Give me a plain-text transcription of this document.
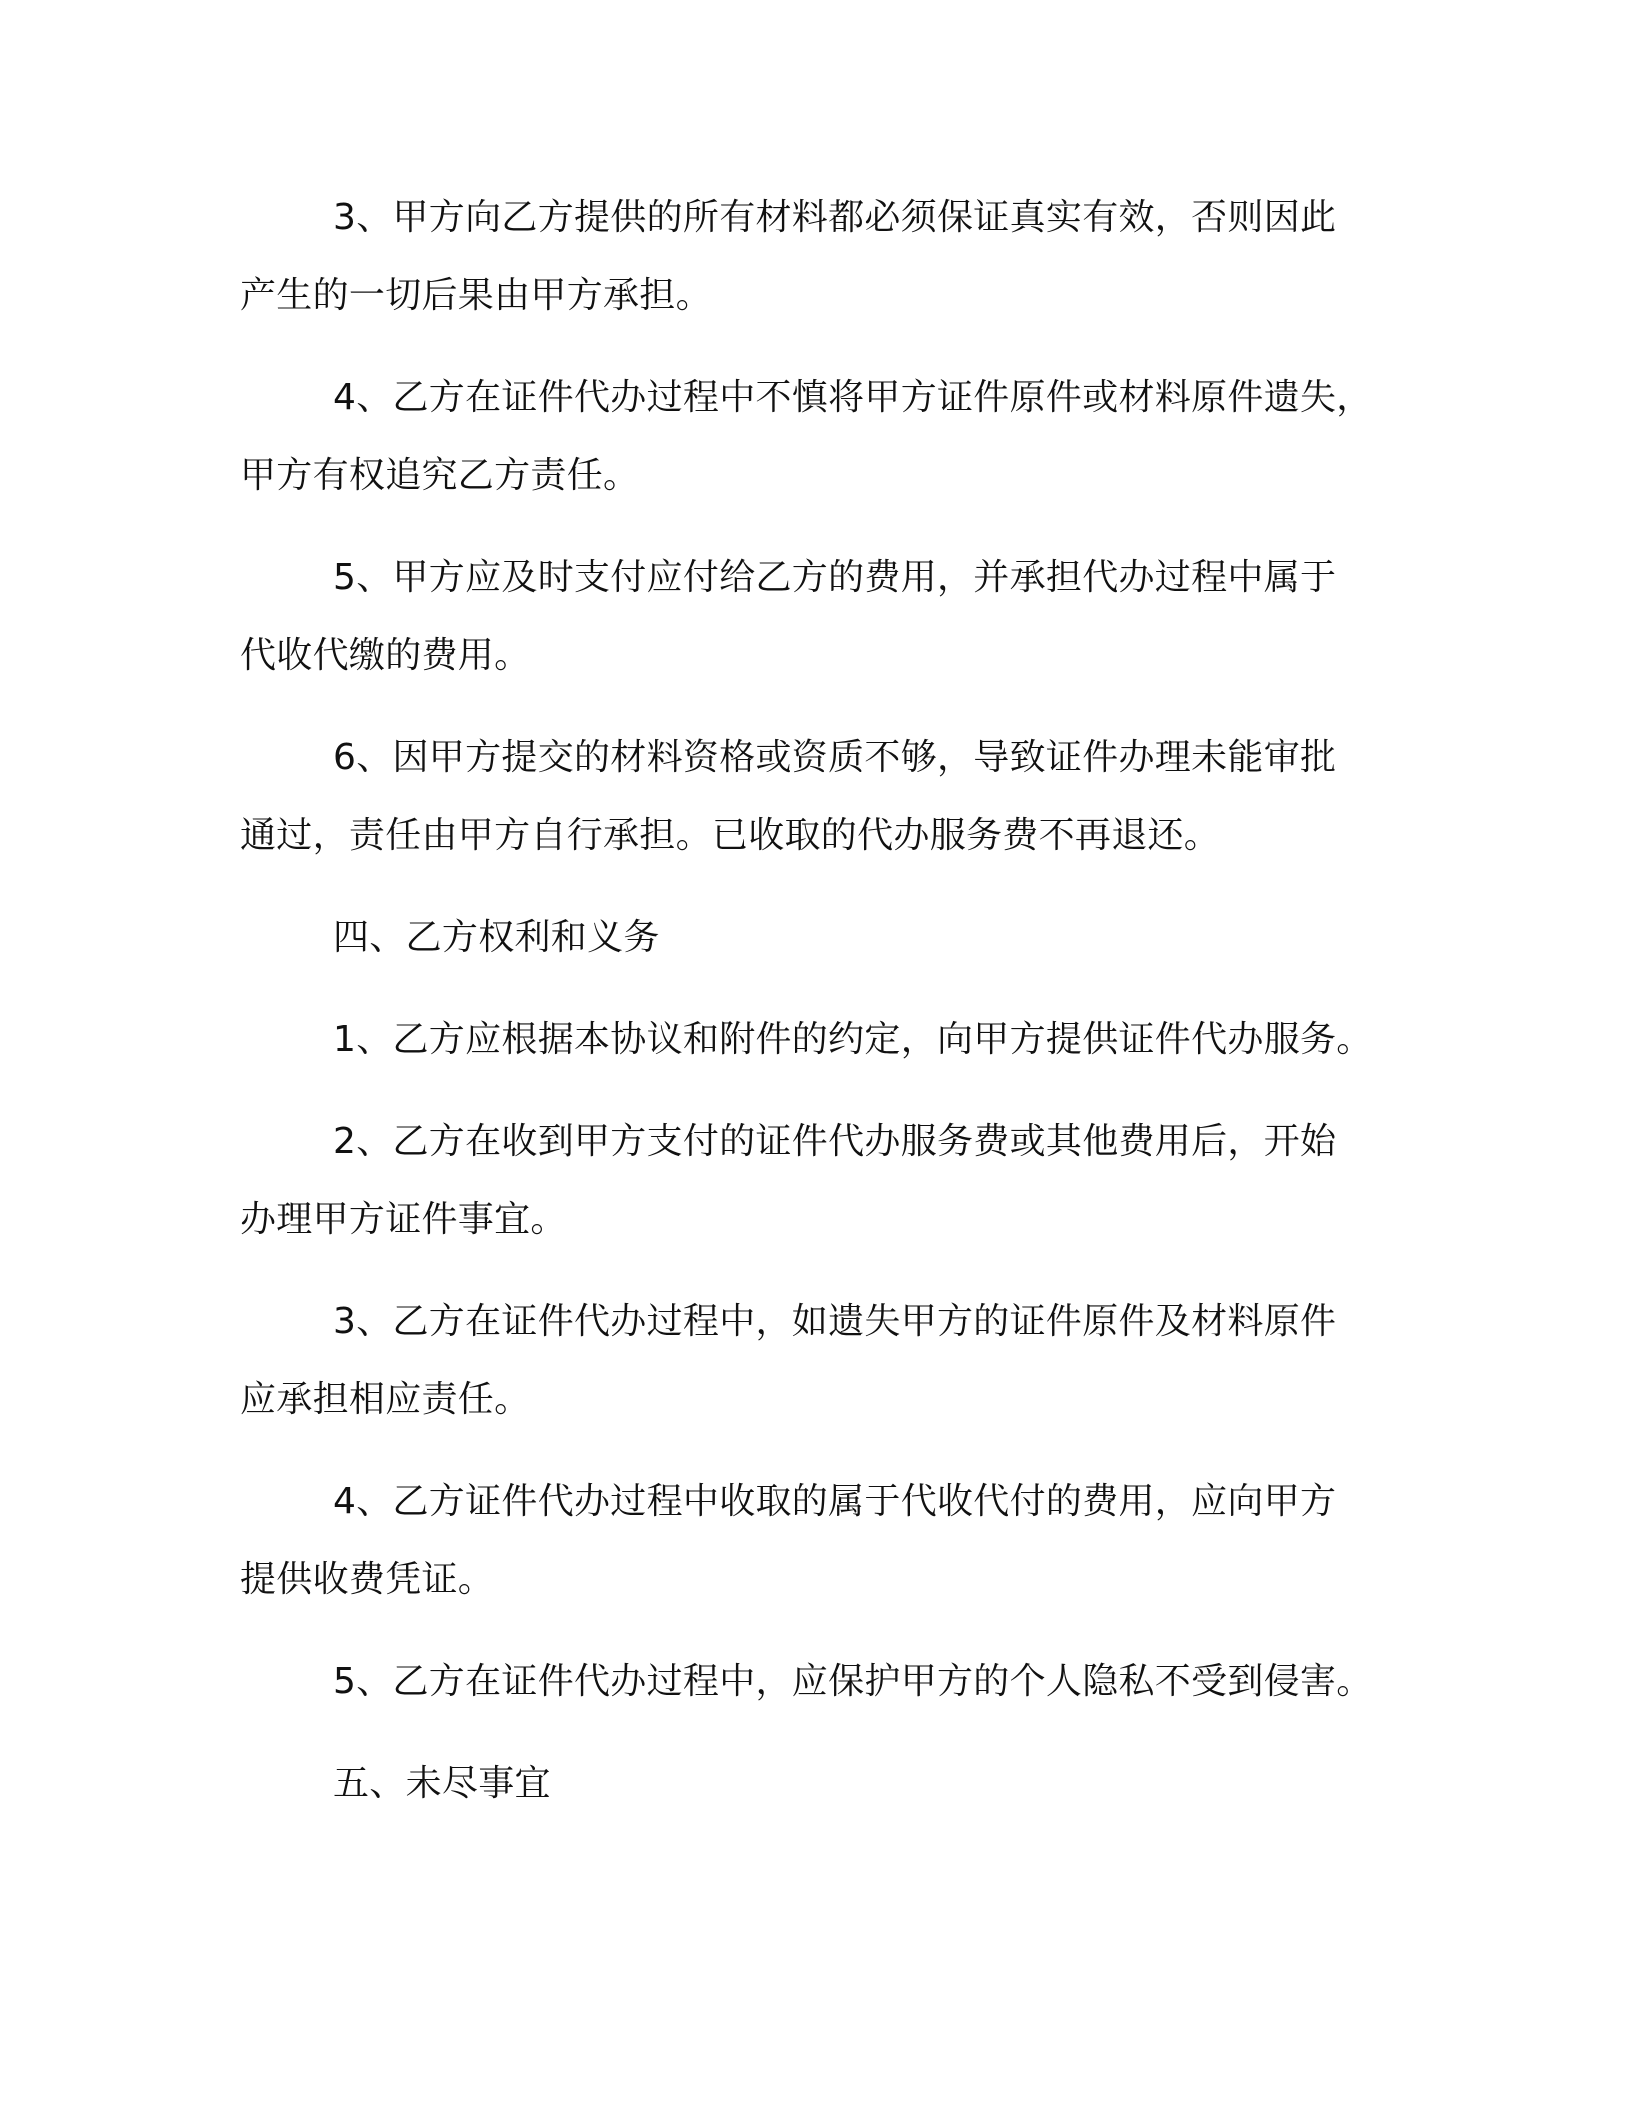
3、甲方向乙方提供的所有材料都必须保证真实有效，否则因此
产生的一切后果由甲方承担。
4、乙方在证件代办过程中不慎将甲方证件原件或材料原件遗失，
甲方有权追究乙方责任。
5、甲方应及时支付应付给乙方的费用，并承担代办过程中属于
代收代缴的费用。
6、因甲方提交的材料资格或资质不够，导致证件办理未能审批
通过，责任由甲方自行承担。已收取的代办服务费不再退还。
四、乙方权利和义务
1、乙方应根据本协议和附件的约定，向甲方提供证件代办服务。
2、乙方在收到甲方支付的证件代办服务费或其他费用后，开始
办理甲方证件事宜。
3、乙方在证件代办过程中，如遗失甲方的证件原件及材料原件
应承担相应责任。
4、乙方证件代办过程中收取的属于代收代付的费用，应向甲方
提供收费凭证。
5、乙方在证件代办过程中，应保护甲方的个人隐私不受到侵害。
五、未尽事宜
